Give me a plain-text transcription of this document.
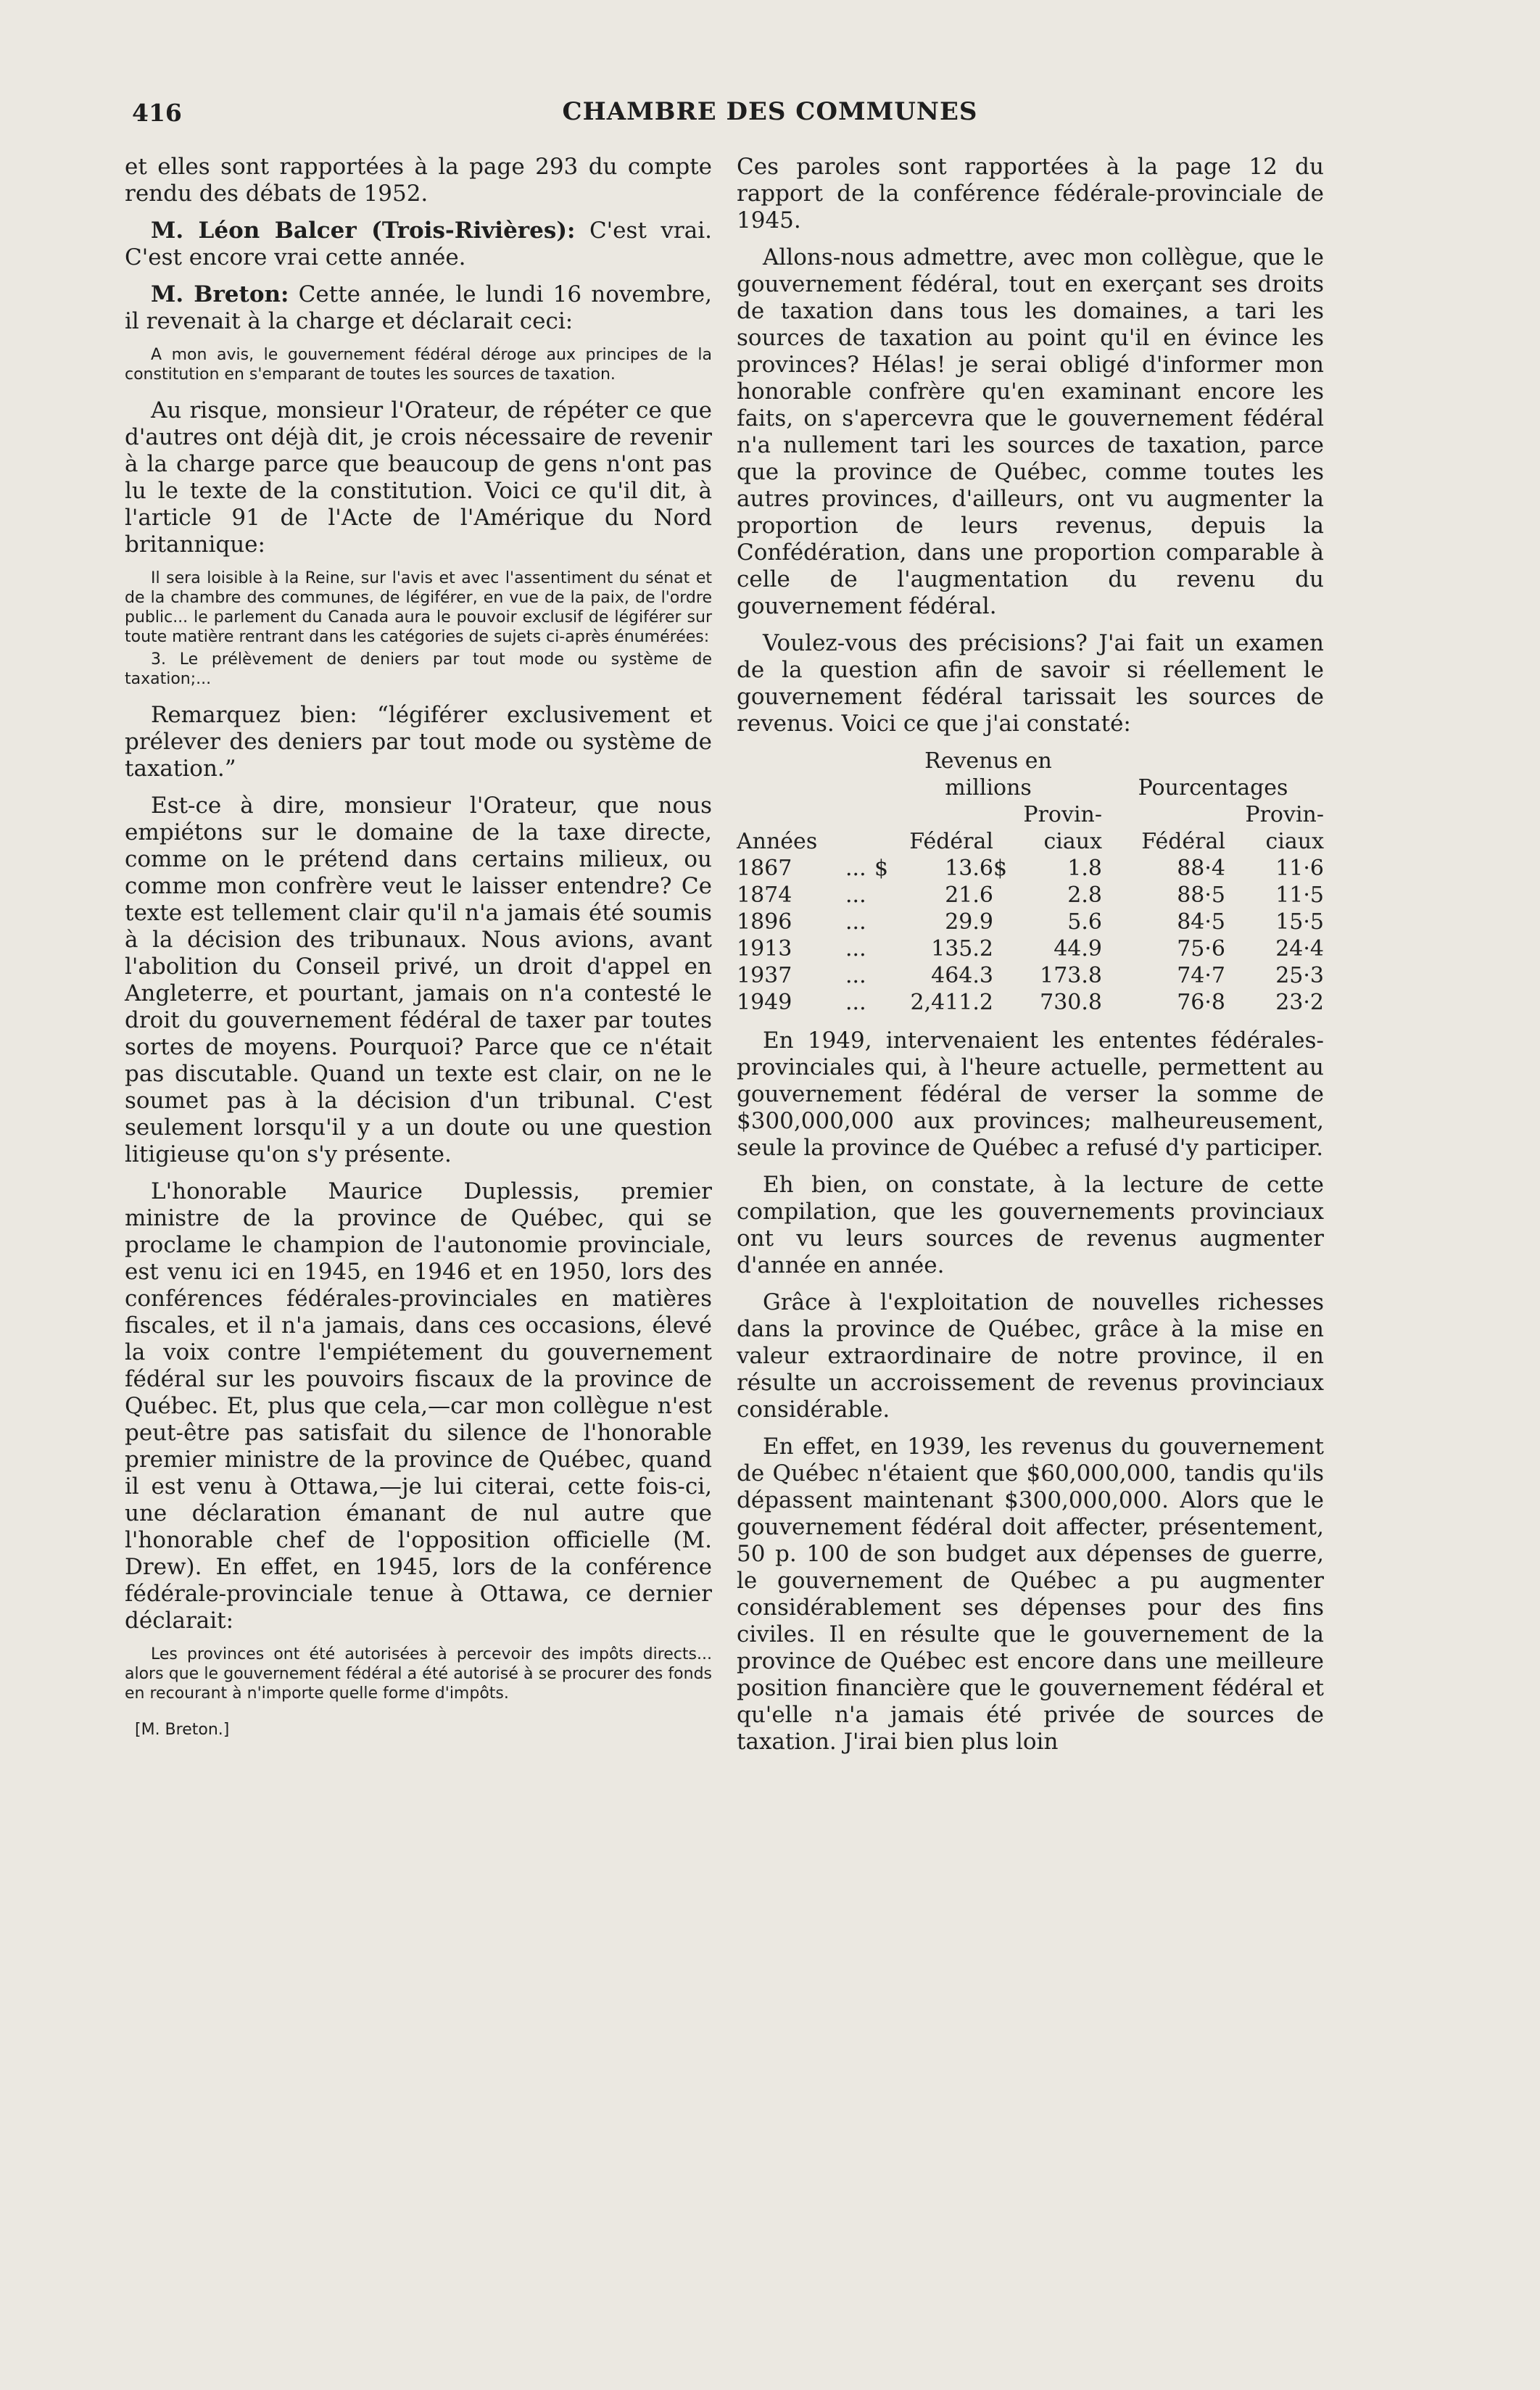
416	CHAMBRE DES COMMUNES

et elles sont rapportées à la page 293 du compte rendu des débats de 1952.

M. Léon Balcer (Trois-Rivières): C'est vrai. C'est encore vrai cette année.

M. Breton: Cette année, le lundi 16 novembre, il revenait à la charge et déclarait ceci:

A mon avis, le gouvernement fédéral déroge aux principes de la constitution en s'emparant de toutes les sources de taxation.

Au risque, monsieur l'Orateur, de répéter ce que d'autres ont déjà dit, je crois nécessaire de revenir à la charge parce que beaucoup de gens n'ont pas lu le texte de la constitution. Voici ce qu'il dit, à l'article 91 de l'Acte de l'Amérique du Nord britannique:

Il sera loisible à la Reine, sur l'avis et avec l'assentiment du sénat et de la chambre des communes, de légiférer, en vue de la paix, de l'ordre public... le parlement du Canada aura le pouvoir exclusif de légiférer sur toute matière rentrant dans les catégories de sujets ci-après énumérées:

3. Le prélèvement de deniers par tout mode ou système de taxation;...

Remarquez bien: “légiférer exclusivement et prélever des deniers par tout mode ou système de taxation.”

Est-ce à dire, monsieur l'Orateur, que nous empiétons sur le domaine de la taxe directe, comme on le prétend dans certains milieux, ou comme mon confrère veut le laisser entendre? Ce texte est tellement clair qu'il n'a jamais été soumis à la décision des tribunaux. Nous avions, avant l'abolition du Conseil privé, un droit d'appel en Angleterre, et pourtant, jamais on n'a contesté le droit du gouvernement fédéral de taxer par toutes sortes de moyens. Pourquoi? Parce que ce n'était pas discutable. Quand un texte est clair, on ne le soumet pas à la décision d'un tribunal. C'est seulement lorsqu'il y a un doute ou une question litigieuse qu'on s'y présente.

L'honorable Maurice Duplessis, premier ministre de la province de Québec, qui se proclame le champion de l'autonomie provinciale, est venu ici en 1945, en 1946 et en 1950, lors des conférences fédérales-provinciales en matières fiscales, et il n'a jamais, dans ces occasions, élevé la voix contre l'empiétement du gouvernement fédéral sur les pouvoirs fiscaux de la province de Québec. Et, plus que cela,—car mon collègue n'est peut-être pas satisfait du silence de l'honorable premier ministre de la province de Québec, quand il est venu à Ottawa,—je lui citerai, cette fois-ci, une déclaration émanant de nul autre que l'honorable chef de l'opposition officielle (M. Drew). En effet, en 1945, lors de la conférence fédérale-provinciale tenue à Ottawa, ce dernier déclarait:

Les provinces ont été autorisées à percevoir des impôts directs... alors que le gouvernement fédéral a été autorisé à se procurer des fonds en recourant à n'importe quelle forme d'impôts.

[M. Breton.]

Ces paroles sont rapportées à la page 12 du rapport de la conférence fédérale-provinciale de 1945.

Allons-nous admettre, avec mon collègue, que le gouvernement fédéral, tout en exerçant ses droits de taxation dans tous les domaines, a tari les sources de taxation au point qu'il en évince les provinces? Hélas! je serai obligé d'informer mon honorable confrère qu'en examinant encore les faits, on s'apercevra que le gouvernement fédéral n'a nullement tari les sources de taxation, parce que la province de Québec, comme toutes les autres provinces, d'ailleurs, ont vu augmenter la proportion de leurs revenus, depuis la Confédération, dans une proportion comparable à celle de l'augmentation du revenu du gouvernement fédéral.

Voulez-vous des précisions? J'ai fait un examen de la question afin de savoir si réellement le gouvernement fédéral tarissait les sources de revenus. Voici ce que j'ai constaté:

		Revenus en					
		millions				Pourcentages	
				Provin-			Provin-
Années		Fédéral		ciaux		Fédéral	ciaux
1867	...	$	13.6	$	1.8	88·4	11·6
1874	...		21.6		2.8	88·5	11·5
1896	...		29.9		5.6	84·5	15·5
1913	...		135.2		44.9	75·6	24·4
1937	...		464.3		173.8	74·7	25·3
1949	...		2,411.2		730.8	76·8	23·2

En 1949, intervenaient les ententes fédérales-provinciales qui, à l'heure actuelle, permettent au gouvernement fédéral de verser la somme de $300,000,000 aux provinces; malheureusement, seule la province de Québec a refusé d'y participer.

Eh bien, on constate, à la lecture de cette compilation, que les gouvernements provinciaux ont vu leurs sources de revenus augmenter d'année en année.

Grâce à l'exploitation de nouvelles richesses dans la province de Québec, grâce à la mise en valeur extraordinaire de notre province, il en résulte un accroissement de revenus provinciaux considérable.

En effet, en 1939, les revenus du gouvernement de Québec n'étaient que $60,000,000, tandis qu'ils dépassent maintenant $300,000,000. Alors que le gouvernement fédéral doit affecter, présentement, 50 p. 100 de son budget aux dépenses de guerre, le gouvernement de Québec a pu augmenter considérablement ses dépenses pour des fins civiles. Il en résulte que le gouvernement de la province de Québec est encore dans une meilleure position financière que le gouvernement fédéral et qu'elle n'a jamais été privée de sources de taxation. J'irai bien plus loin
